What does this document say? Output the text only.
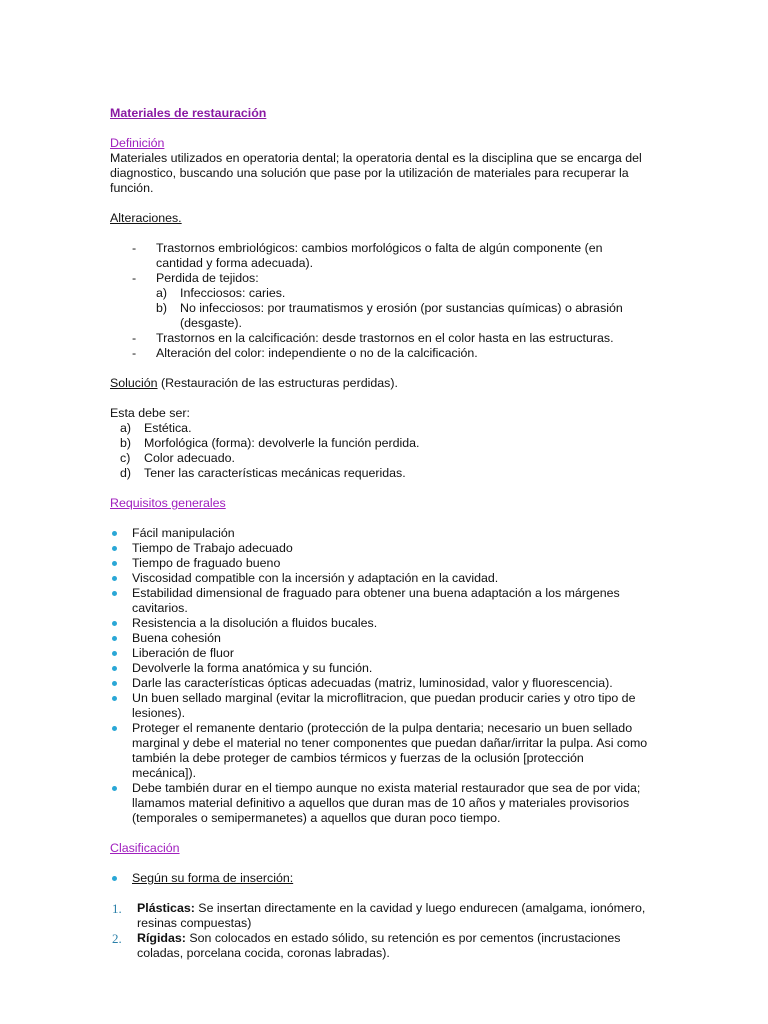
Materiales de restauración

Definición

Materiales utilizados en operatoria dental; la operatoria dental es la disciplina que se encarga del diagnostico, buscando una solución que pase por la utilización de materiales para recuperar la función.

Alteraciones.

- Trastornos embriológicos: cambios morfológicos o falta de algún componente (en cantidad y forma adecuada).
- Perdida de tejidos:
a) Infecciosos: caries.
b) No infecciosos: por traumatismos y erosión (por sustancias químicas) o abrasión (desgaste).
- Trastornos en la calcificación: desde trastornos en el color hasta en las estructuras.
- Alteración del color: independiente o no de la calcificación.

Solución (Restauración de las estructuras perdidas).

Esta debe ser:

a) Estética.
b) Morfológica (forma): devolverle la función perdida.
c) Color adecuado.
d) Tener las características mecánicas requeridas.

Requisitos generales

Fácil manipulación
Tiempo de Trabajo adecuado
Tiempo de fraguado bueno
Viscosidad compatible con la incersión y adaptación en la cavidad.
Estabilidad dimensional de fraguado para obtener una buena adaptación a los márgenes cavitarios.
Resistencia a la disolución a fluidos bucales.
Buena cohesión
Liberación de fluor
Devolverle la forma anatómica y su función.
Darle las características ópticas adecuadas (matriz, luminosidad, valor y fluorescencia).
Un buen sellado marginal (evitar la microflitracion, que puedan producir caries y otro tipo de lesiones).
Proteger el remanente dentario (protección de la pulpa dentaria; necesario un buen sellado marginal y debe el material no tener componentes que puedan dañar/irritar la pulpa. Asi como también la debe proteger de cambios térmicos y fuerzas de la oclusión [protección mecánica]).
Debe también durar en el tiempo aunque no exista material restaurador que sea de por vida; llamamos material definitivo a aquellos que duran mas de 10 años y materiales provisorios (temporales o semipermanetes) a aquellos que duran poco tiempo.

Clasificación

Según su forma de inserción:
1. Plásticas: Se insertan directamente en la cavidad y luego endurecen (amalgama, ionómero, resinas compuestas)
2. Rígidas: Son colocados en estado sólido, su retención es por cementos (incrustaciones coladas, porcelana cocida, coronas labradas).
